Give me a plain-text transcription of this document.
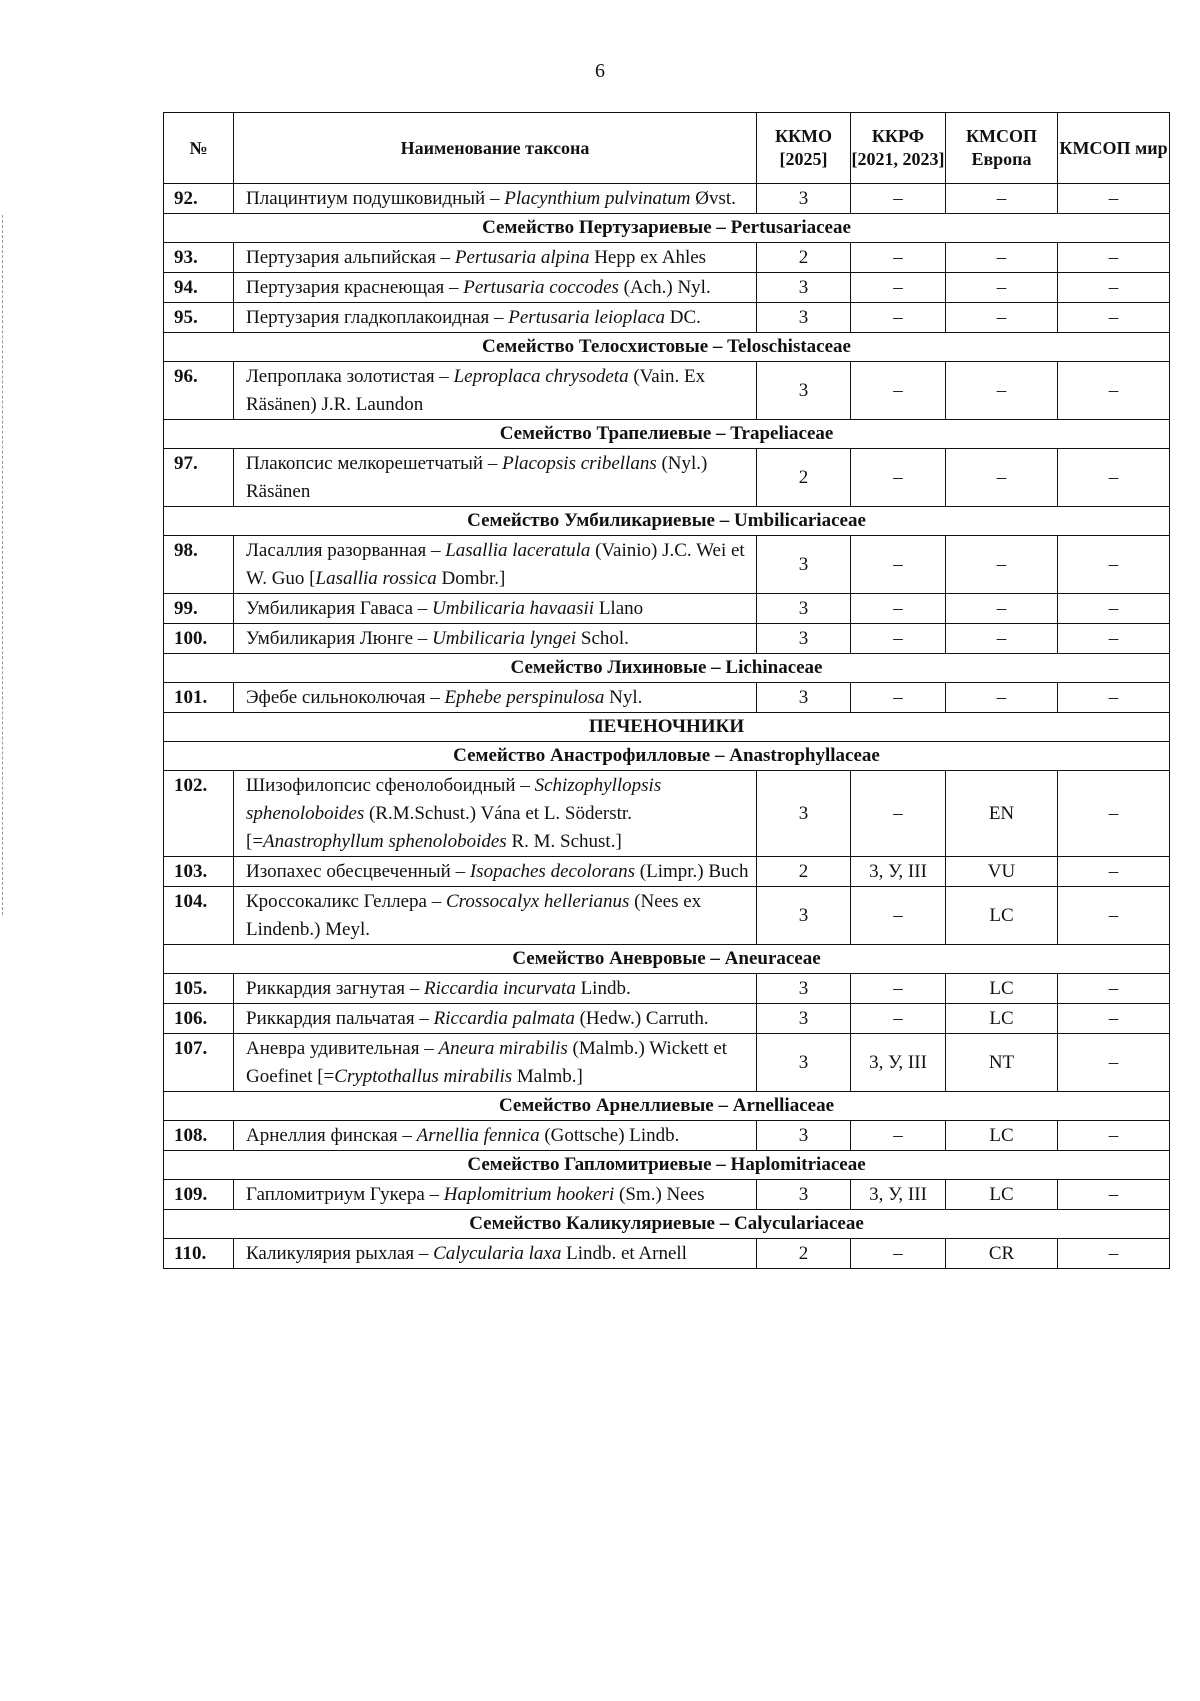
6
№	Наименование таксона	ККМО [2025]	ККРФ [2021, 2023]	КМСОП Европа	КМСОП мир
92.	Плацинтиум подушковидный – Placynthium pulvinatum Øvst.	3	–	–	–
Семейство Пертузариевые – Pertusariaceae					
93.	Пертузария альпийская – Pertusaria alpina Hepp ex Ahles	2	–	–	–
94.	Пертузария краснеющая – Pertusaria coccodes (Ach.) Nyl.	3	–	–	–
95.	Пертузария гладкоплакоидная – Pertusaria leioplaca DC.	3	–	–	–
Семейство Телосхистовые – Teloschistaceae					
96.	Лепроплака золотистая – Leproplaca chrysodeta (Vain. Ex Räsänen) J.R. Laundon	3	–	–	–
Семейство Трапелиевые – Trapeliaceae					
97.	Плакопсис мелкорешетчатый – Placopsis cribellans (Nyl.) Räsänen	2	–	–	–
Семейство Умбиликариевые – Umbilicariaceae					
98.	Ласаллия разорванная – Lasallia laceratula (Vainio) J.C. Wei et W. Guo [Lasallia rossica Dombr.]	3	–	–	–
99.	Умбиликария Гаваса – Umbilicaria havaasii Llano	3	–	–	–
100.	Умбиликария Люнге – Umbilicaria lyngei Schol.	3	–	–	–
Семейство Лихиновые – Lichinaceae					
101.	Эфебе сильноколючая – Ephebe perspinulosa Nyl.	3	–	–	–
ПЕЧЕНОЧНИКИ					
Семейство Анастрофилловые – Anastrophyllaceae					
102.	Шизофилопсис сфенолобоидный – Schizophyllopsis sphenoloboides (R.M.Schust.) Vána et L. Söderstr. [=Anastrophyllum sphenoloboides R. M. Schust.]	3	–	EN	–
103.	Изопахес обесцвеченный – Isopaches decolorans (Limpr.) Buch	2	3, У, III	VU	–
104.	Кроссокаликс Геллера – Crossocalyx hellerianus (Nees ex Lindenb.) Meyl.	3	–	LC	–
Семейство Аневровые – Aneuraceae					
105.	Риккардия загнутая – Riccardia incurvata Lindb.	3	–	LC	–
106.	Риккардия пальчатая – Riccardia palmata (Hedw.) Carruth.	3	–	LC	–
107.	Аневра удивительная – Aneura mirabilis (Malmb.) Wickett et Goefinet [=Cryptothallus mirabilis Malmb.]	3	3, У, III	NT	–
Семейство Арнеллиевые – Arnelliaceae					
108.	Арнеллия финская – Arnellia fennica (Gottsche) Lindb.	3	–	LC	–
Семейство Гапломитриевые – Haplomitriaceae					
109.	Гапломитриум Гукера – Haplomitrium hookeri (Sm.) Nees	3	3, У, III	LC	–
Семейство Каликуляриевые – Calyculariaceae					
110.	Каликулярия рыхлая – Calycularia laxa Lindb. et Arnell	2	–	CR	–
